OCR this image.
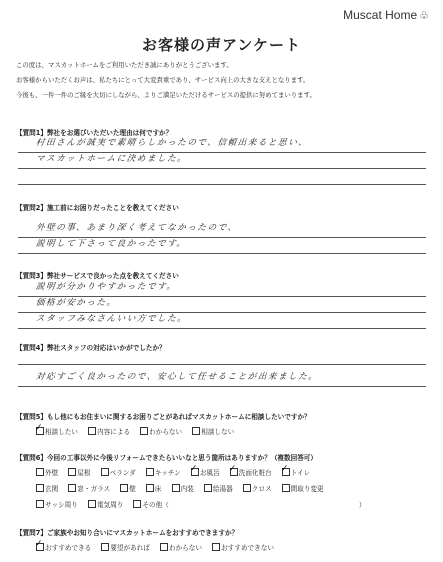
Muscat Home ♧
お客様の声アンケート
この度は、マスカットホームをご利用いただき誠にありがとうございます。
お客様からいただくお声は、私たちにとって大変貴重であり、サービス向上の大きな支えとなります。
今後も、一件一件のご縁を大切にしながら、よりご満足いただけるサービスの提供に努めてまいります。
【質問1】弊社をお選びいただいた理由は何ですか？
村田さんが誠実で素晴らしかったので、信頼出来ると思い、
マスカットホームに決めました。
【質問2】施工前にお困りだったことを教えてください
外壁の事、あまり深く考えてなかったので、
説明して下さって良かったです。
【質問3】弊社サービスで良かった点を教えてください
説明が分かりやすかったです。
価格が安かった。
スタッフみなさんいい方でした。
【質問4】弊社スタッフの対応はいかがでしたか？
対応すごく良かったので、安心して任せることが出来ました。
【質問5】もし他にもお住まいに関するお困りごとがあればマスカットホームに相談したいですか？
✓相談したい	内容による	わからない	相談しない
【質問6】今回の工事以外に今後リフォームできたらいいなと思う箇所はありますか？（複数回答可）
外壁	屋根	ベランダ	キッチン ✓	お風呂 ✓	洗面化粧台 ✓	トイレ
玄関	窓・ガラス	壁	床	内装	給湯器	クロス	間取り変更
サッシ周り	電気周り	その他（	）
【質問7】ご家族やお知り合いにマスカットホームをおすすめできますか？
✓おすすめできる	要望があれば	わからない	おすすめできない
